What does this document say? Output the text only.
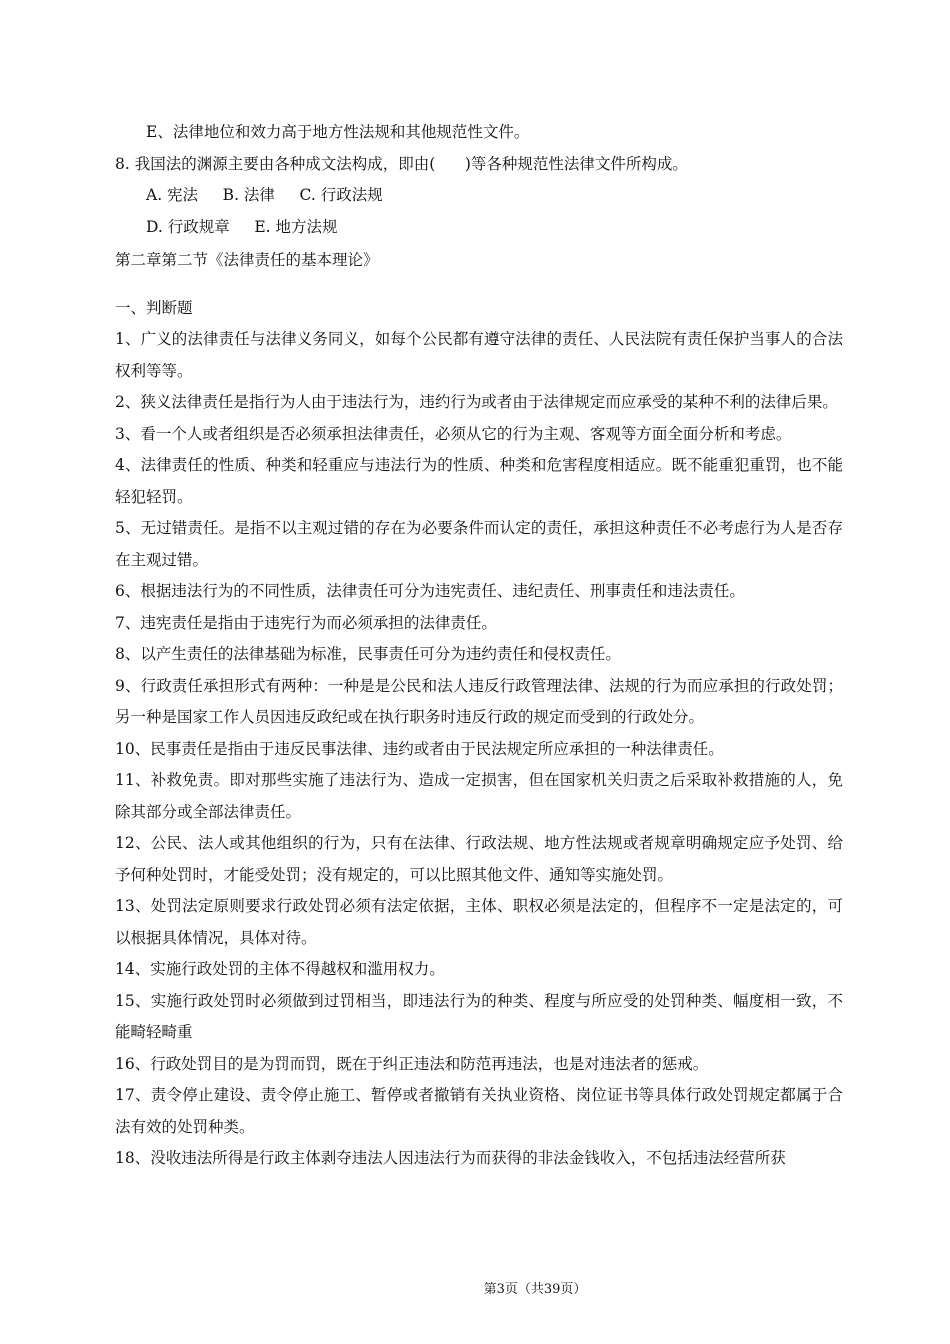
E、法律地位和效力高于地方性法规和其他规范性文件。
8. 我国法的渊源主要由各种成文法构成，即由(      )等各种规范性法律文件所构成。
A. 宪法     B. 法律     C. 行政法规
D. 行政规章     E. 地方法规
第二章第二节《法律责任的基本理论》
一、判断题
1、广义的法律责任与法律义务同义，如每个公民都有遵守法律的责任、人民法院有责任保护当事人的合法权利等等。
2、狭义法律责任是指行为人由于违法行为，违约行为或者由于法律规定而应承受的某种不利的法律后果。
3、看一个人或者组织是否必须承担法律责任，必须从它的行为主观、客观等方面全面分析和考虑。
4、法律责任的性质、种类和轻重应与违法行为的性质、种类和危害程度相适应。既不能重犯重罚，也不能轻犯轻罚。
5、无过错责任。是指不以主观过错的存在为必要条件而认定的责任，承担这种责任不必考虑行为人是否存在主观过错。
6、根据违法行为的不同性质，法律责任可分为违宪责任、违纪责任、刑事责任和违法责任。
7、违宪责任是指由于违宪行为而必须承担的法律责任。
8、以产生责任的法律基础为标准，民事责任可分为违约责任和侵权责任。
9、行政责任承担形式有两种：一种是是公民和法人违反行政管理法律、法规的行为而应承担的行政处罚；另一种是国家工作人员因违反政纪或在执行职务时违反行政的规定而受到的行政处分。
10、民事责任是指由于违反民事法律、违约或者由于民法规定所应承担的一种法律责任。
11、补救免责。即对那些实施了违法行为、造成一定损害，但在国家机关归责之后采取补救措施的人，免除其部分或全部法律责任。
12、公民、法人或其他组织的行为，只有在法律、行政法规、地方性法规或者规章明确规定应予处罚、给予何种处罚时，才能受处罚；没有规定的，可以比照其他文件、通知等实施处罚。
13、处罚法定原则要求行政处罚必须有法定依据，主体、职权必须是法定的，但程序不一定是法定的，可以根据具体情况，具体对待。
14、实施行政处罚的主体不得越权和滥用权力。
15、实施行政处罚时必须做到过罚相当，即违法行为的种类、程度与所应受的处罚种类、幅度相一致，不能畸轻畸重
16、行政处罚目的是为罚而罚，既在于纠正违法和防范再违法，也是对违法者的惩戒。
17、责令停止建设、责令停止施工、暂停或者撤销有关执业资格、岗位证书等具体行政处罚规定都属于合法有效的处罚种类。
18、没收违法所得是行政主体剥夺违法人因违法行为而获得的非法金钱收入，不包括违法经营所获
第3页（共39页）
